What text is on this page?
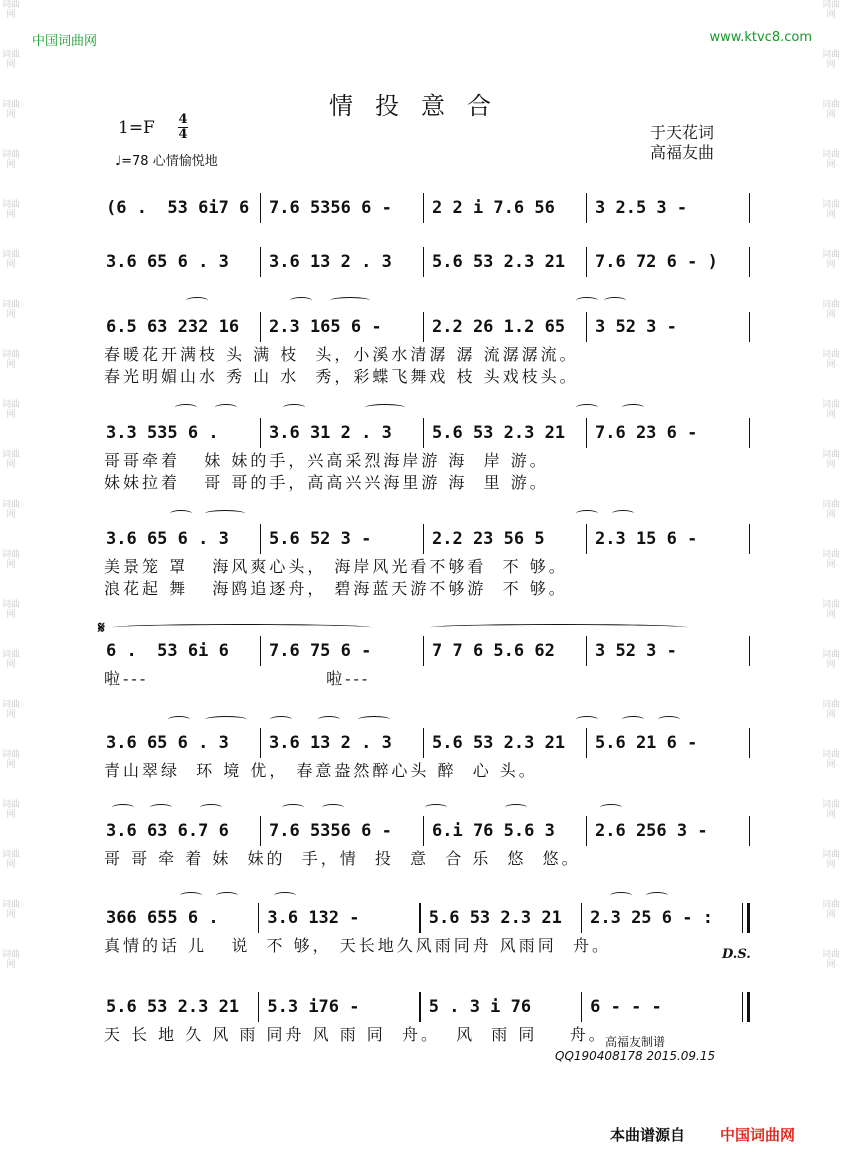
词曲网
词曲网
词曲网
词曲网
词曲网
词曲网
词曲网
词曲网
词曲网
词曲网
词曲网
词曲网
词曲网
词曲网
词曲网
词曲网
词曲网
词曲网
词曲网
词曲网
词曲网
词曲网
词曲网
词曲网
词曲网
词曲网
词曲网
词曲网
词曲网
词曲网
词曲网
词曲网
词曲网
词曲网
词曲网
词曲网
词曲网
词曲网
词曲网
词曲网
中国词曲网	www.ktvc8.com
情投意合
1=F 4
4
♩=78 心情愉悦地
于天花词
高福友曲
𝄋
D.S.
(6 .  53 6i7 6	7.6 5356 6 -	2 2 i 7.6 56	3 2.5 3 -
3.6 65 6 . 3	3.6 13 2 . 3	5.6 53 2.3 21	7.6 72 6 - )
6.5 63 232 16	2.3 165 6 -	2.2 26 1.2 65	3 52 3 -
春暖花开满枝 头 满 枝  头，小溪水清潺 潺 流潺潺流。
春光明媚山水 秀 山 水  秀，彩蝶飞舞戏 枝 头戏枝头。
3.3 535 6 .	3.6 31 2 . 3	5.6 53 2.3 21	7.6 23 6 -
哥哥牵着   妹 妹的手，兴高采烈海岸游 海  岸 游。
妹妹拉着   哥 哥的手，高高兴兴海里游 海  里 游。
3.6 65 6 . 3	5.6 52 3 -	2.2 23 56 5	2.3 15 6 -
美景笼 罩   海风爽心头， 海岸风光看不够看  不 够。
浪花起 舞   海鸥追逐舟， 碧海蓝天游不够游  不 够。
6 .  53 6i 6	7.6 75 6 -	7 7 6 5.6 62	3 52 3 -
啦---                      啦---
3.6 65 6 . 3	3.6 13 2 . 3	5.6 53 2.3 21	5.6 21 6 -
青山翠绿  环 境 优， 春意盎然醉心头 醉  心 头。
3.6 63 6.7 6	7.6 5356 6 -	6.i 76 5.6 3	2.6 256 3 -
哥 哥 牵 着 妹  妹的  手，情  投  意  合 乐  悠  悠。
366 655 6 .	3.6 132 -	5.6 53 2.3 21	2.3 25 6 - :
真情的话 儿   说  不 够， 天长地久风雨同舟 风雨同  舟。
5.6 53 2.3 21	5.3 i76 -	5 . 3 i 76	6 - - -
天 长 地 久 风 雨 同舟 风 雨 同  舟。  风  雨 同    舟。
高福友制谱
QQ190408178 2015.09.15
本曲谱源自 中国词曲网
